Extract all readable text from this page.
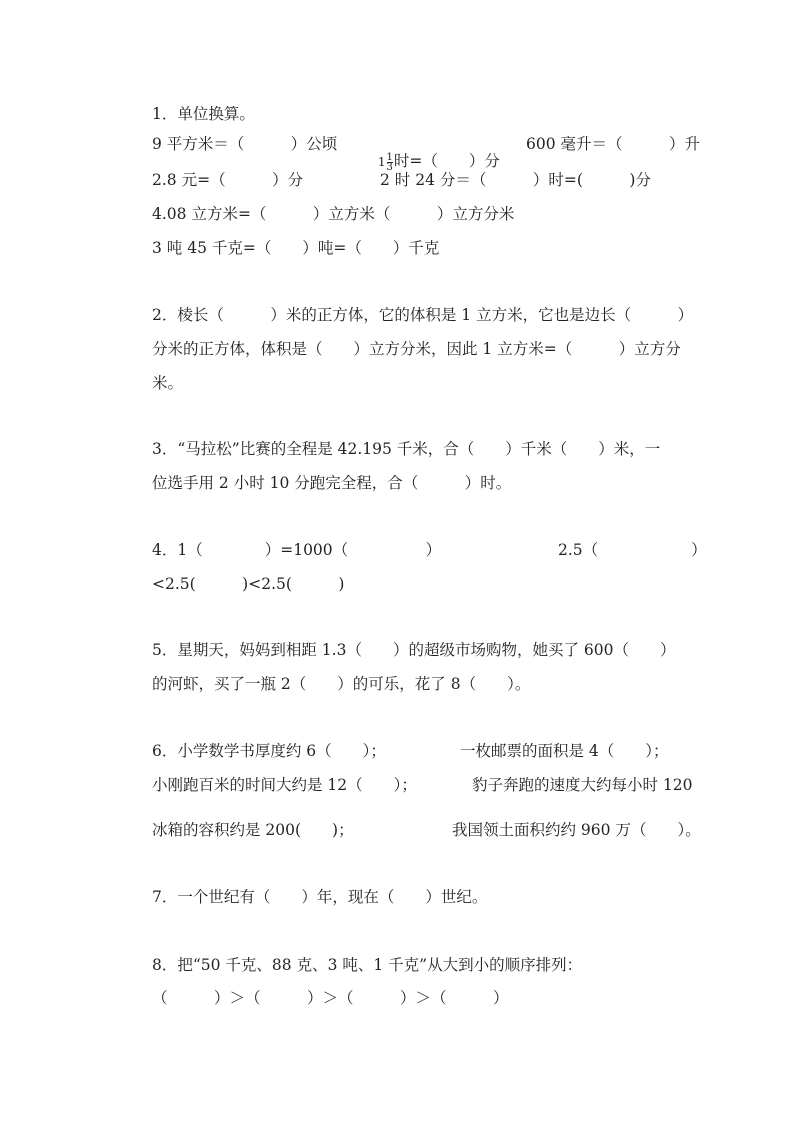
1．单位换算。
9 平方米＝（　　　）公顷

$1 \frac{1}{3}$ 时=（　　）分

600 毫升＝（　　　）升
2.8 元=（　　　）分	2 时 24 分＝（　　　）时=(　　　)分
4.08 立方米=（　　　）立方米（　　　）立方分米
3 吨 45 千克=（　　）吨=（　　）千克
2．棱长（　　　）米的正方体，它的体积是 1 立方米，它也是边长（　　　）
分米的正方体，体积是（　　）立方分米，因此 1 立方米=（　　　）立方分
米。
3．“马拉松”比赛的全程是 42.195 千米，合（　　）千米（　　）米，一
位选手用 2 小时 10 分跑完全程，合（　　　）时。
4．1（　　　　）=1000（　　　　　）	2.5（　　　　　　）
<2.5(　　　)<2.5(　　　)
5．星期天，妈妈到相距 1.3（　　）的超级市场购物，她买了 600（　　）
的河虾，买了一瓶 2（　　）的可乐，花了 8（　　）。
6．小学数学书厚度约 6（　　）；	一枚邮票的面积是 4（　　）；
小刚跑百米的时间大约是 12（　　）；	豹子奔跑的速度大约每小时 120
冰箱的容积约是 200(　　)；	我国领土面积约约 960 万（　　）。
7．一个世纪有（　　）年，现在（　　）世纪。
8．把“50 千克、88 克、3 吨、1 千克”从大到小的顺序排列：
（　　　）＞（　　　）＞（　　　）＞（　　　）
